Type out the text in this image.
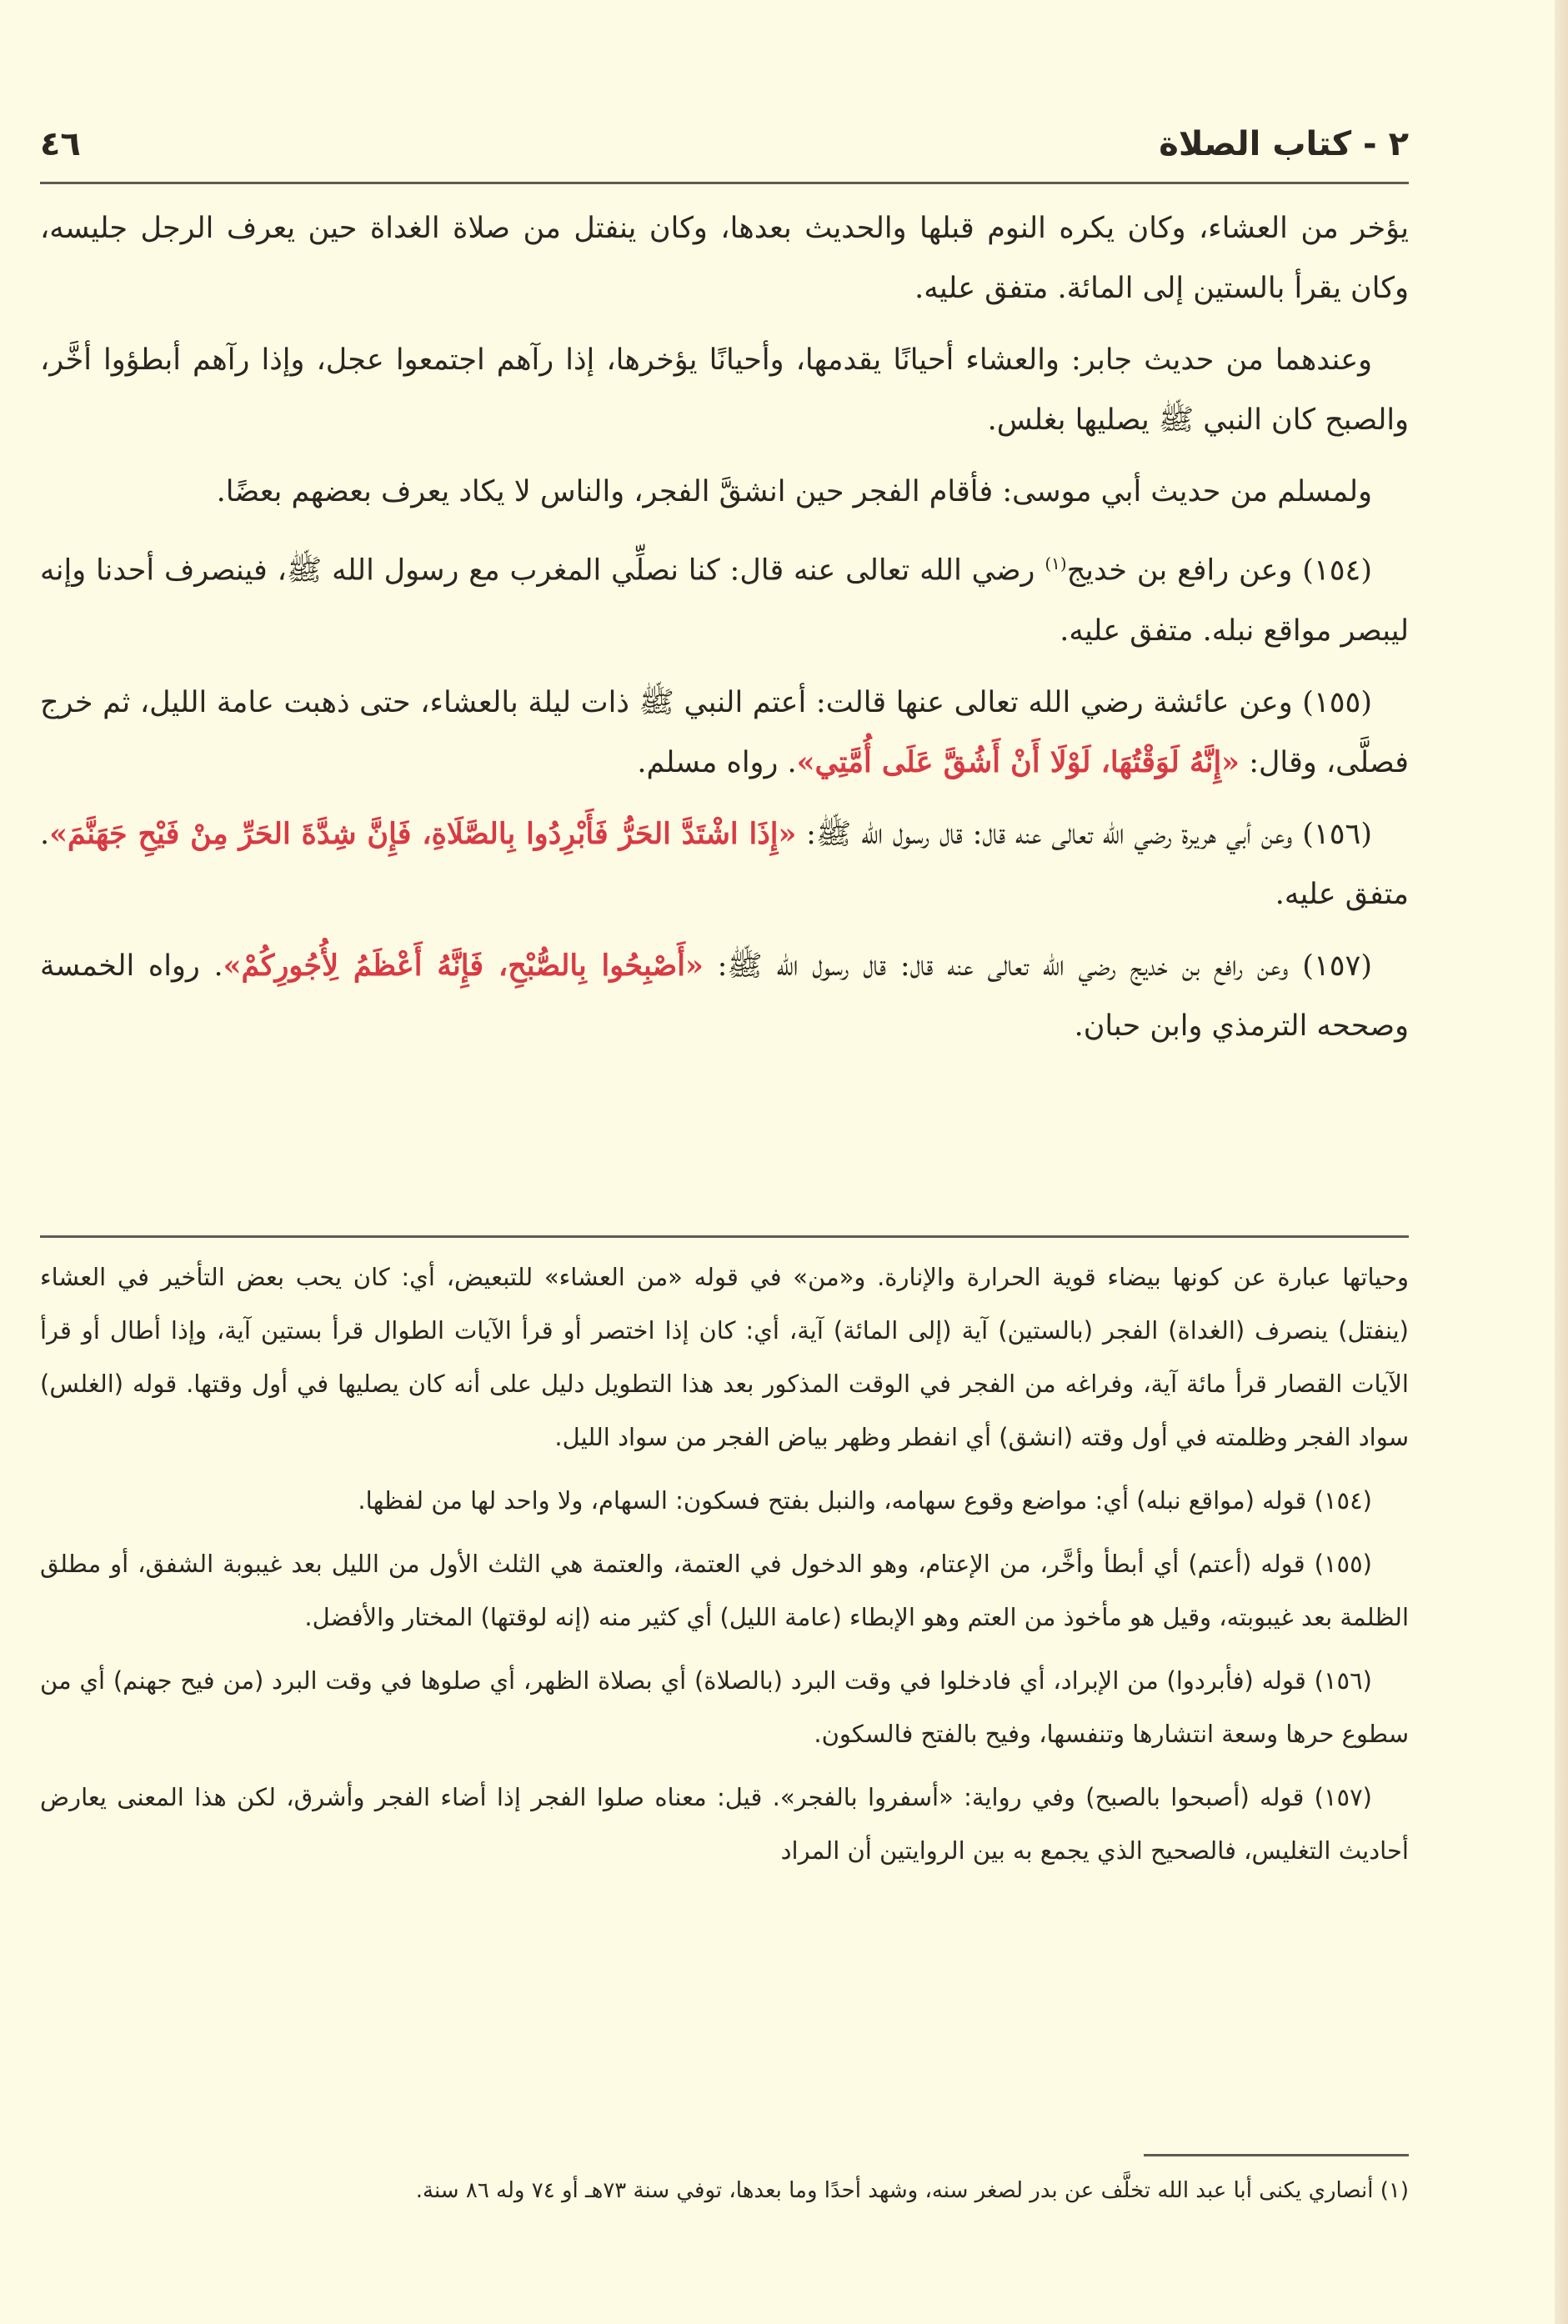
٢ - كتاب الصلاة
٤٦

يؤخر من العشاء، وكان يكره النوم قبلها والحديث بعدها، وكان ينفتل من صلاة الغداة حين يعرف الرجل جليسه، وكان يقرأ بالستين إلى المائة. متفق عليه.

وعندهما من حديث جابر: والعشاء أحيانًا يقدمها، وأحيانًا يؤخرها، إذا رآهم اجتمعوا عجل، وإذا رآهم أبطؤوا أخَّر، والصبح كان النبي ﷺ يصليها بغلس.

ولمسلم من حديث أبي موسى: فأقام الفجر حين انشقَّ الفجر، والناس لا يكاد يعرف بعضهم بعضًا.

(١٥٤) وعن رافع بن خديج$^{(١)}$ رضي الله تعالى عنه قال: كنا نصلِّي المغرب مع رسول الله ﷺ، فينصرف أحدنا وإنه ليبصر مواقع نبله. متفق عليه.

(١٥٥) وعن عائشة رضي الله تعالى عنها قالت: أعتم النبي ﷺ ذات ليلة بالعشاء، حتى ذهبت عامة الليل، ثم خرج فصلَّى، وقال: «إِنَّهُ لَوَقْتُهَا، لَوْلَا أَنْ أَشُقَّ عَلَى أُمَّتِي». رواه مسلم.

(١٥٦) وعن أبي هريرة رضي الله تعالى عنه قال: قال رسول الله ﷺ: «إِذَا اشْتَدَّ الحَرُّ فَأَبْرِدُوا بِالصَّلَاةِ، فَإِنَّ شِدَّةَ الحَرِّ مِنْ فَيْحِ جَهَنَّمَ». متفق عليه.

(١٥٧) وعن رافع بن خديج رضي الله تعالى عنه قال: قال رسول الله ﷺ: «أَصْبِحُوا بِالصُّبْحِ، فَإِنَّهُ أَعْظَمُ لِأُجُورِكُمْ». رواه الخمسة وصححه الترمذي وابن حبان.

وحياتها عبارة عن كونها بيضاء قوية الحرارة والإنارة. و«من» في قوله «من العشاء» للتبعيض، أي: كان يحب بعض التأخير في العشاء (ينفتل) ينصرف (الغداة) الفجر (بالستين) آية (إلى المائة) آية، أي: كان إذا اختصر أو قرأ الآيات الطوال قرأ بستين آية، وإذا أطال أو قرأ الآيات القصار قرأ مائة آية، وفراغه من الفجر في الوقت المذكور بعد هذا التطويل دليل على أنه كان يصليها في أول وقتها. قوله (الغلس) سواد الفجر وظلمته في أول وقته (انشق) أي انفطر وظهر بياض الفجر من سواد الليل.

(١٥٤) قوله (مواقع نبله) أي: مواضع وقوع سهامه، والنبل بفتح فسكون: السهام، ولا واحد لها من لفظها.

(١٥٥) قوله (أعتم) أي أبطأ وأخَّر، من الإعتام، وهو الدخول في العتمة، والعتمة هي الثلث الأول من الليل بعد غيبوبة الشفق، أو مطلق الظلمة بعد غيبوبته، وقيل هو مأخوذ من العتم وهو الإبطاء (عامة الليل) أي كثير منه (إنه لوقتها) المختار والأفضل.

(١٥٦) قوله (فأبردوا) من الإبراد، أي فادخلوا في وقت البرد (بالصلاة) أي بصلاة الظهر، أي صلوها في وقت البرد (من فيح جهنم) أي من سطوع حرها وسعة انتشارها وتنفسها، وفيح بالفتح فالسكون.

(١٥٧) قوله (أصبحوا بالصبح) وفي رواية: «أسفروا بالفجر». قيل: معناه صلوا الفجر إذا أضاء الفجر وأشرق، لكن هذا المعنى يعارض أحاديث التغليس، فالصحيح الذي يجمع به بين الروايتين أن المراد

(١) أنصاري يكنى أبا عبد الله تخلَّف عن بدر لصغر سنه، وشهد أحدًا وما بعدها، توفي سنة ٧٣هـ أو ٧٤ وله ٨٦ سنة.
